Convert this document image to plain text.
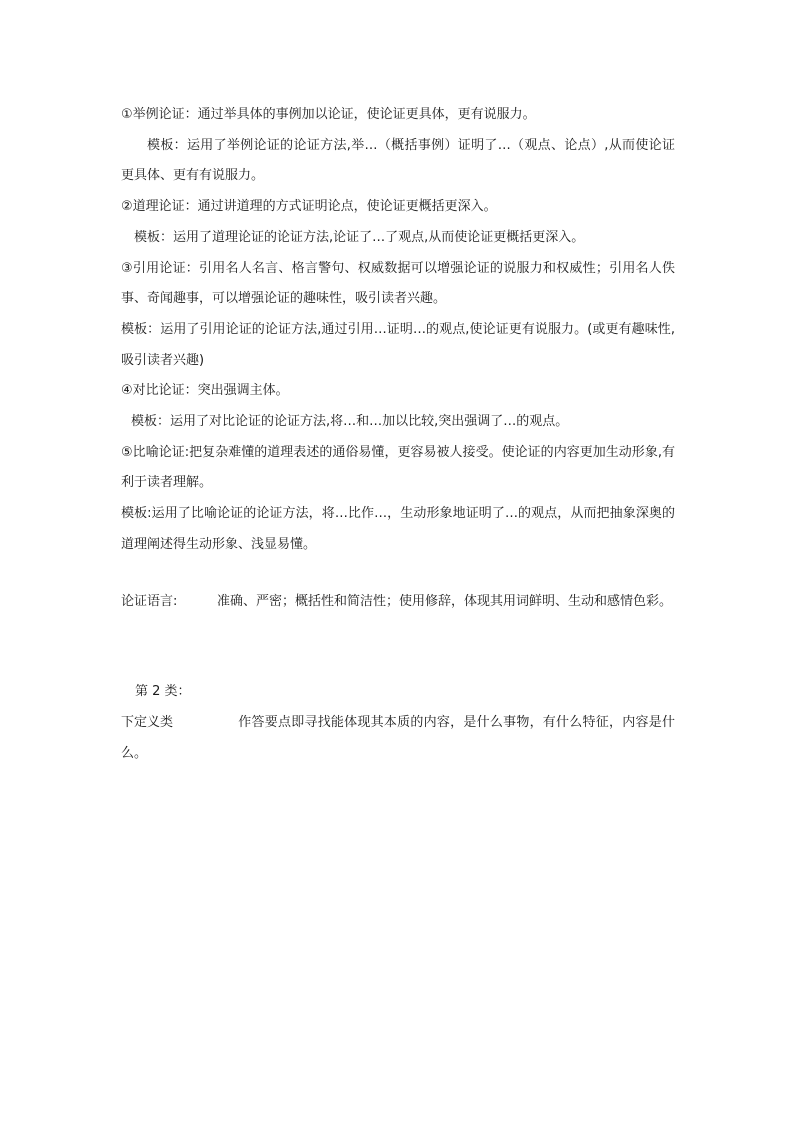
①举例论证：通过举具体的事例加以论证，使论证更具体，更有说服力。

模板：运用了举例论证的论证方法,举…（概括事例）证明了…（观点、论点）,从而使论证更具体、更有有说服力。

②道理论证：通过讲道理的方式证明论点，使论证更概括更深入。

模板：运用了道理论证的论证方法,论证了…了观点,从而使论证更概括更深入。

③引用论证：引用名人名言、格言警句、权威数据可以增强论证的说服力和权威性；引用名人佚事、奇闻趣事，可以增强论证的趣味性，吸引读者兴趣。

模板：运用了引用论证的论证方法,通过引用…证明…的观点,使论证更有说服力。(或更有趣味性,吸引读者兴趣)

④对比论证：突出强调主体。

模板：运用了对比论证的论证方法,将…和…加以比较,突出强调了…的观点。

⑤比喻论证:把复杂难懂的道理表述的通俗易懂，更容易被人接受。使论证的内容更加生动形象,有利于读者理解。

模板:运用了比喻论证的论证方法，将…比作…，生动形象地证明了…的观点，从而把抽象深奥的道理阐述得生动形象、浅显易懂。

论证语言:	准确、严密；概括性和简洁性；使用修辞，体现其用词鲜明、生动和感情色彩。

第 2 类：

下定义类	作答要点即寻找能体现其本质的内容，是什么事物，有什么特征，内容是什么。
